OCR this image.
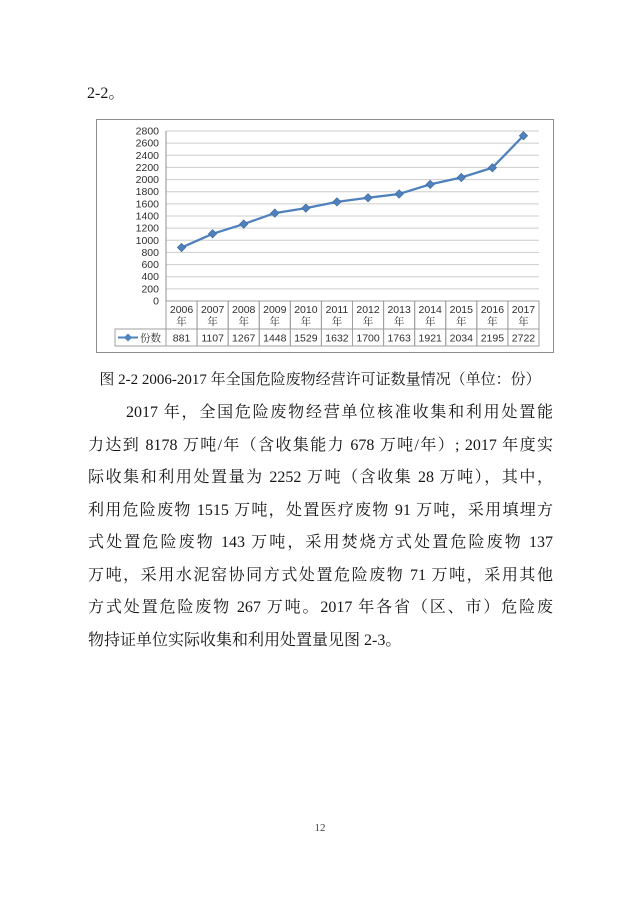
2-2。
0
200
400
600
800
1000
1200
1400
1600
1800
2000
2200
2400
2600
2800
2006
年
881
2007
年
1107
2008
年
1267
2009
年
1448
2010
年
1529
2011
年
1632
2012
年
1700
2013
年
1763
2014
年
1921
2015
年
2034
2016
年
2195
2017
年
2722
份数
图 2-2 2006-2017 年全国危险废物经营许可证数量情况（单位：份）
2017 年，全国危险废物经营单位核准收集和利用处置能
力达到 8178 万吨/年（含收集能力 678 万吨/年）; 2017 年度实
际收集和利用处置量为 2252 万吨（含收集 28 万吨），其中，
利用危险废物 1515 万吨，处置医疗废物 91 万吨，采用填埋方
式处置危险废物 143 万吨，采用焚烧方式处置危险废物 137
万吨，采用水泥窑协同方式处置危险废物 71 万吨，采用其他
方式处置危险废物 267 万吨。2017 年各省（区、市）危险废
物持证单位实际收集和利用处置量见图 2-3。
12
